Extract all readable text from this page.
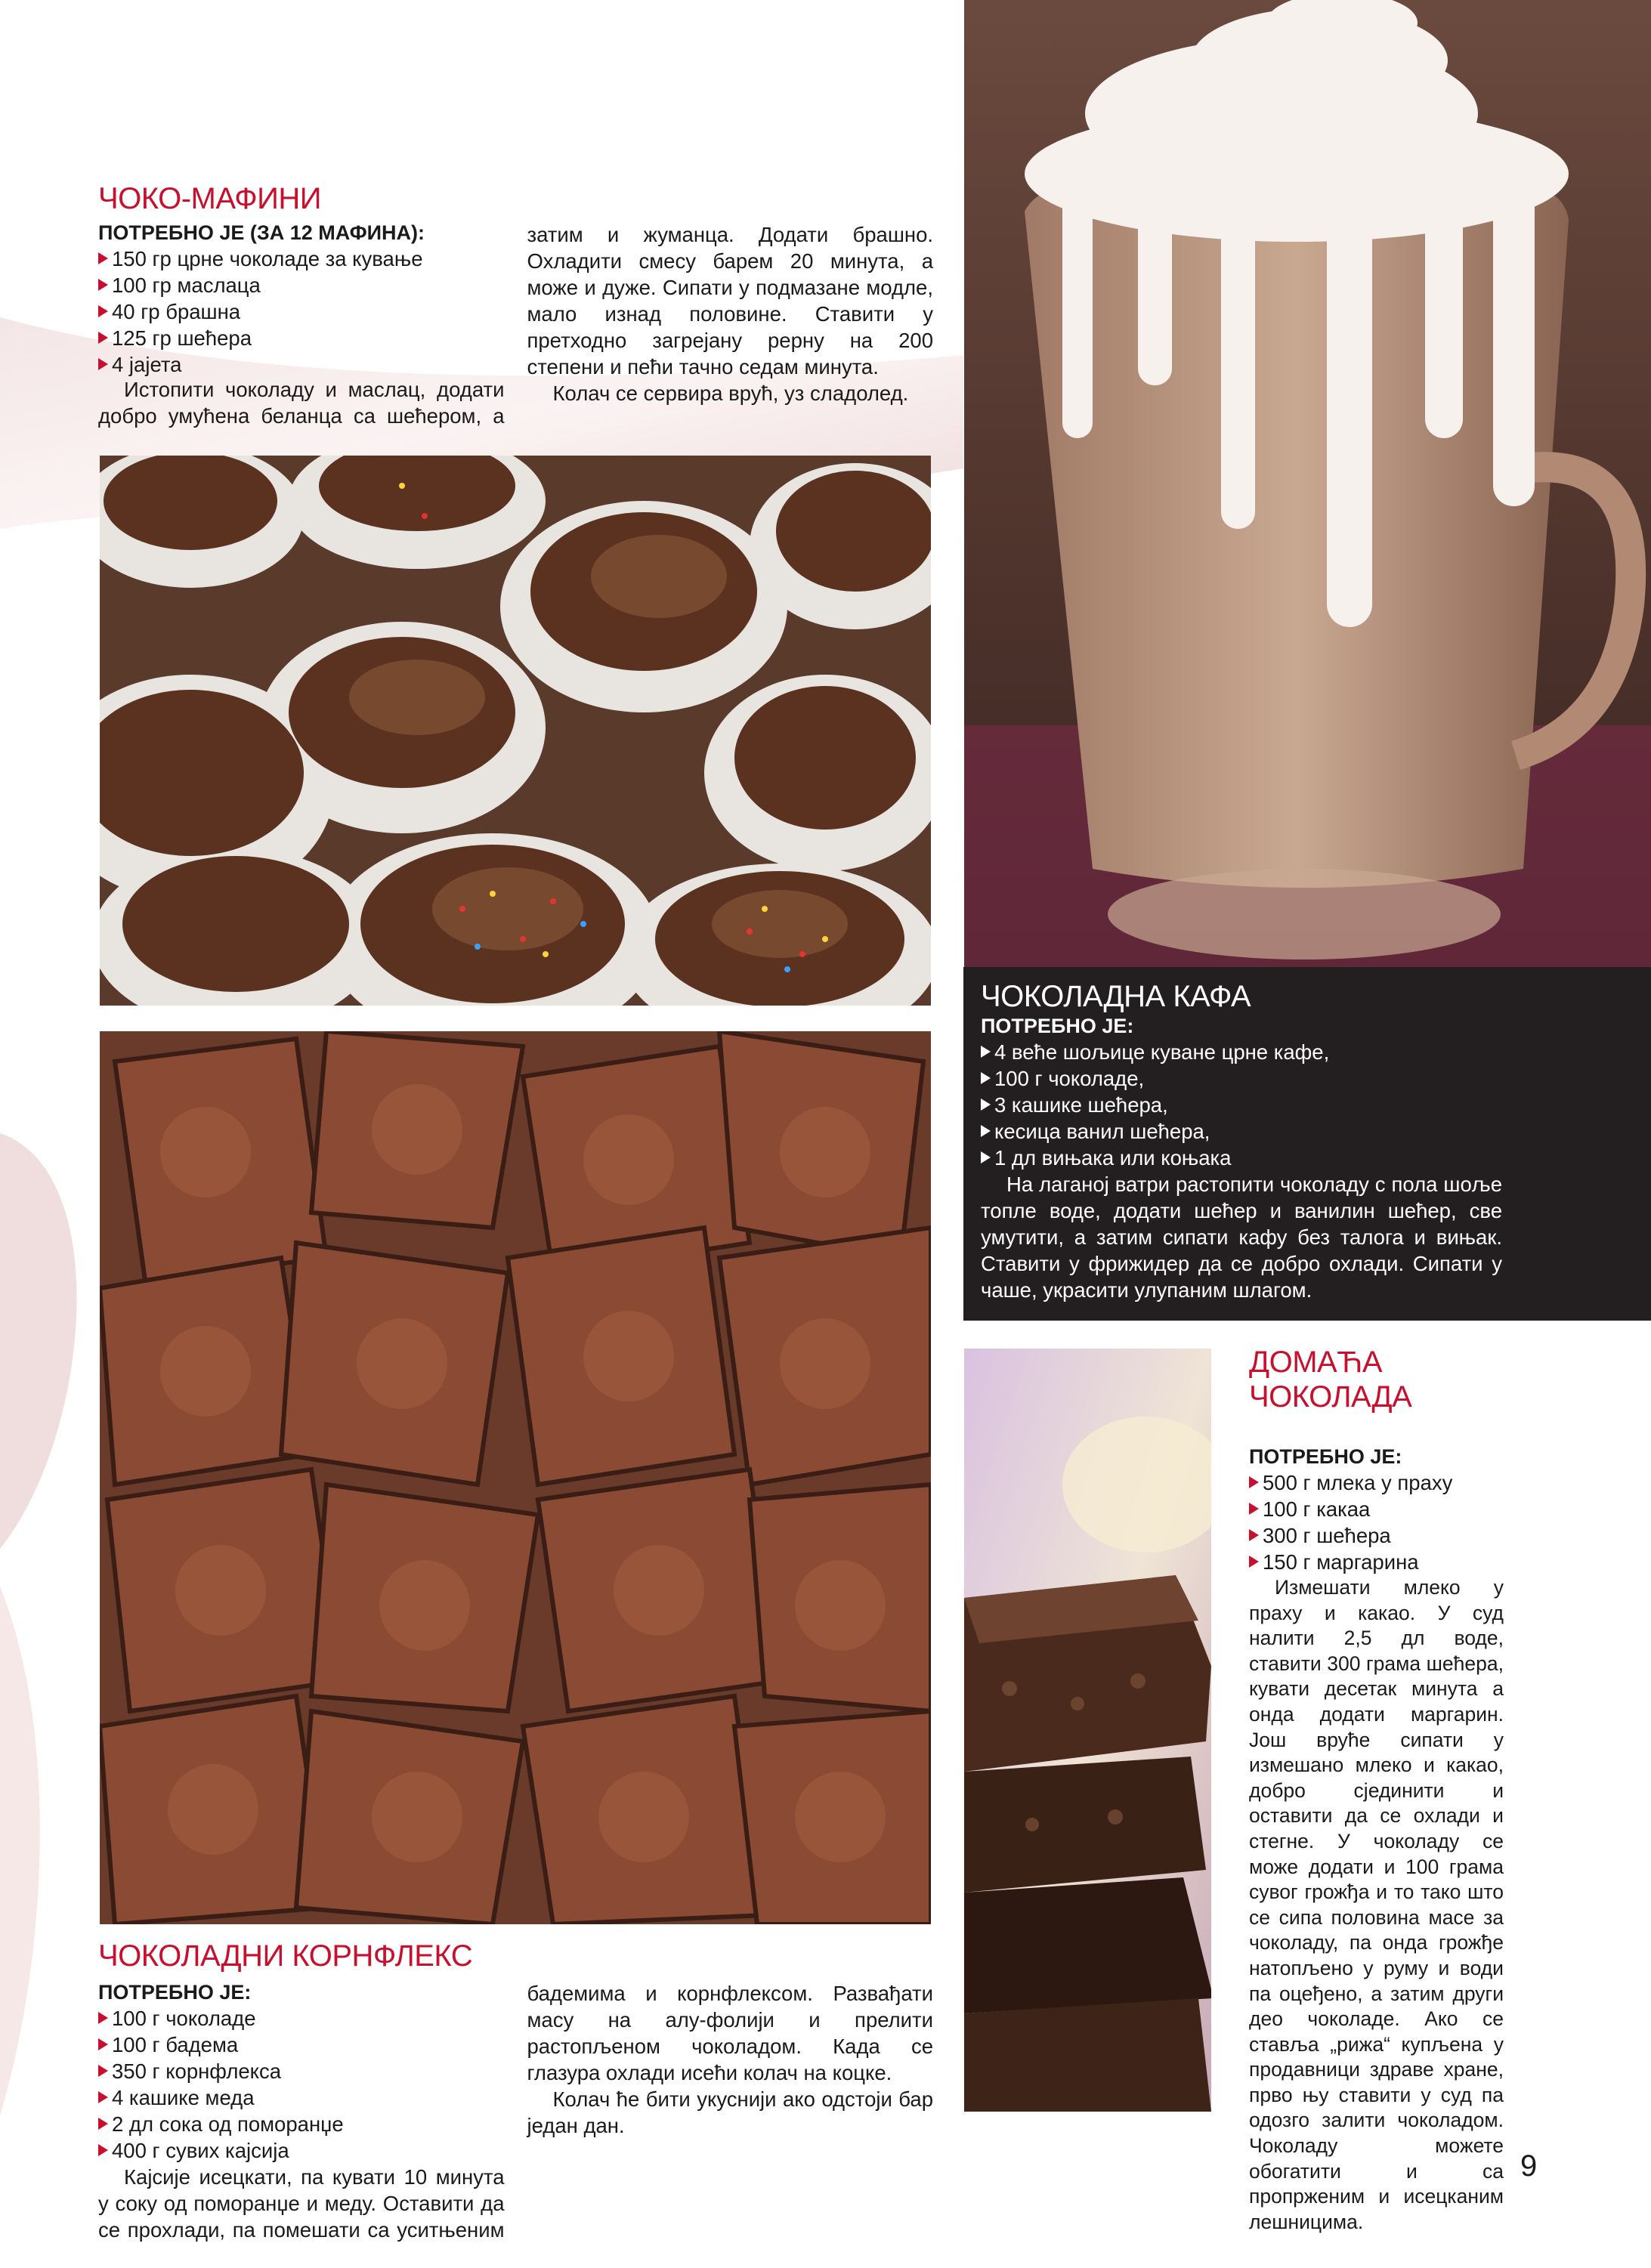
ЧОКО-МАФИНИ

ПОТРЕБНО ЈЕ (ЗА 12 МАФИНА):

150 гр црне чоколаде за кување
100 гр маслаца
40 гр брашна
125 гр шећера
4 јајета

Истопити чоколаду и маслац, додати добро умућена беланца са шећером, а затим и жуманца. Додати брашно. Охладити смесу барем 20 минута, а може и дуже. Сипати у подмазане модле, мало изнад половине. Ставити у претходно загрејану рерну на 200 степени и пећи тачно седам минута.

Колач се сервира врућ, уз сладолед.

ЧОКОЛАДНА КАФА

ПОТРЕБНО ЈЕ:

4 веће шољице куване црне кафе,
100 г чоколаде,
3 кашике шећера,
кесица ванил шећера,
1 дл вињака или коњака

На лаганој ватри растопити чоколаду с пола шоље топле воде, додати шећер и ванилин шећер, све умутити, а затим сипати кафу без талога и вињак. Ставити у фрижидер да се добро охлади. Сипати у чаше, украсити улупаним шлагом.

ЧОКОЛАДНИ КОРНФЛЕКС

ПОТРЕБНО ЈЕ:

100 г чоколаде
100 г бадема
350 г корнфлекса
4 кашике меда
2 дл сока од поморанџе
400 г сувих кајсија

Кајсије исецкати, па кувати 10 минута у соку од поморанџе и меду. Оставити да се прохлади, па помешати са уситњеним бадемима и корнфлексом. Развађати масу на алу-фолији и прелити растопљеном чоколадом. Када се глазура охлади исећи колач на коцке.

Колач ће бити укуснији ако одстоји бар један дан.

ДОМАЋА
ЧОКОЛАДА

ПОТРЕБНО ЈЕ:

500 г млека у праху
100 г какаа
300 г шећера
150 г маргарина

Измешати млеко у праху и какао. У суд налити 2,5 дл воде, ставити 300 грама шећера, кувати десетак минута а онда додати маргарин. Још вруће сипати у измешано млеко и какао, добро сјединити и оставити да се охлади и стегне. У чоколаду се може додати и 100 грама сувог грожђа и то тако што се сипа половина масе за чоколаду, па онда грожђе натопљено у руму и води па оцеђено, а затим други део чоколаде. Ако се ставља „рижа“ купљена у продавници здраве хране, прво њу ставити у суд па одозго залити чоколадом. Чоколаду можете обогатити и са пропрженим и исецканим лешницима.

9
